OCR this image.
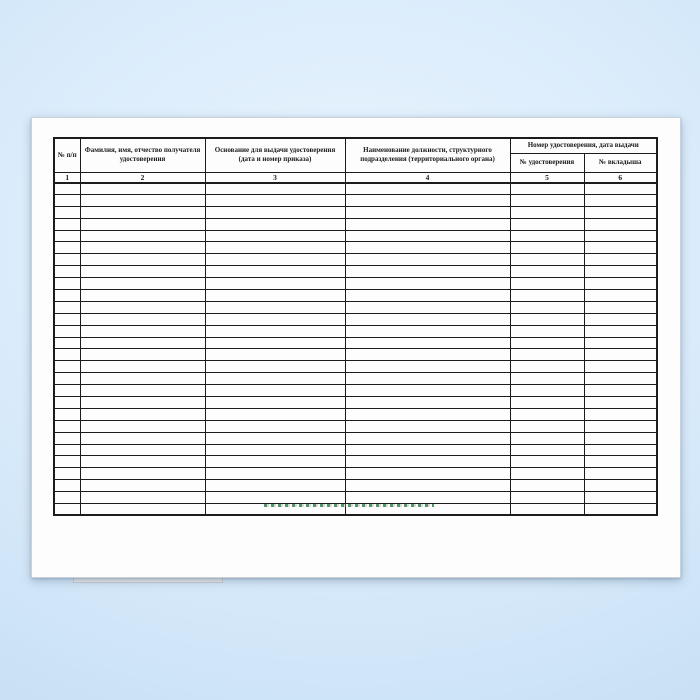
№ п/п	Фамилия, имя, отчество получателя удостоверения	Основание для выдачи удостоверения (дата и номер приказа)	Наименование должности, структурного подразделения (территориального органа)	Номер удостоверения, дата выдачи	
				№ удостоверения	№ вкладыша
1	2	3	4	5	6
